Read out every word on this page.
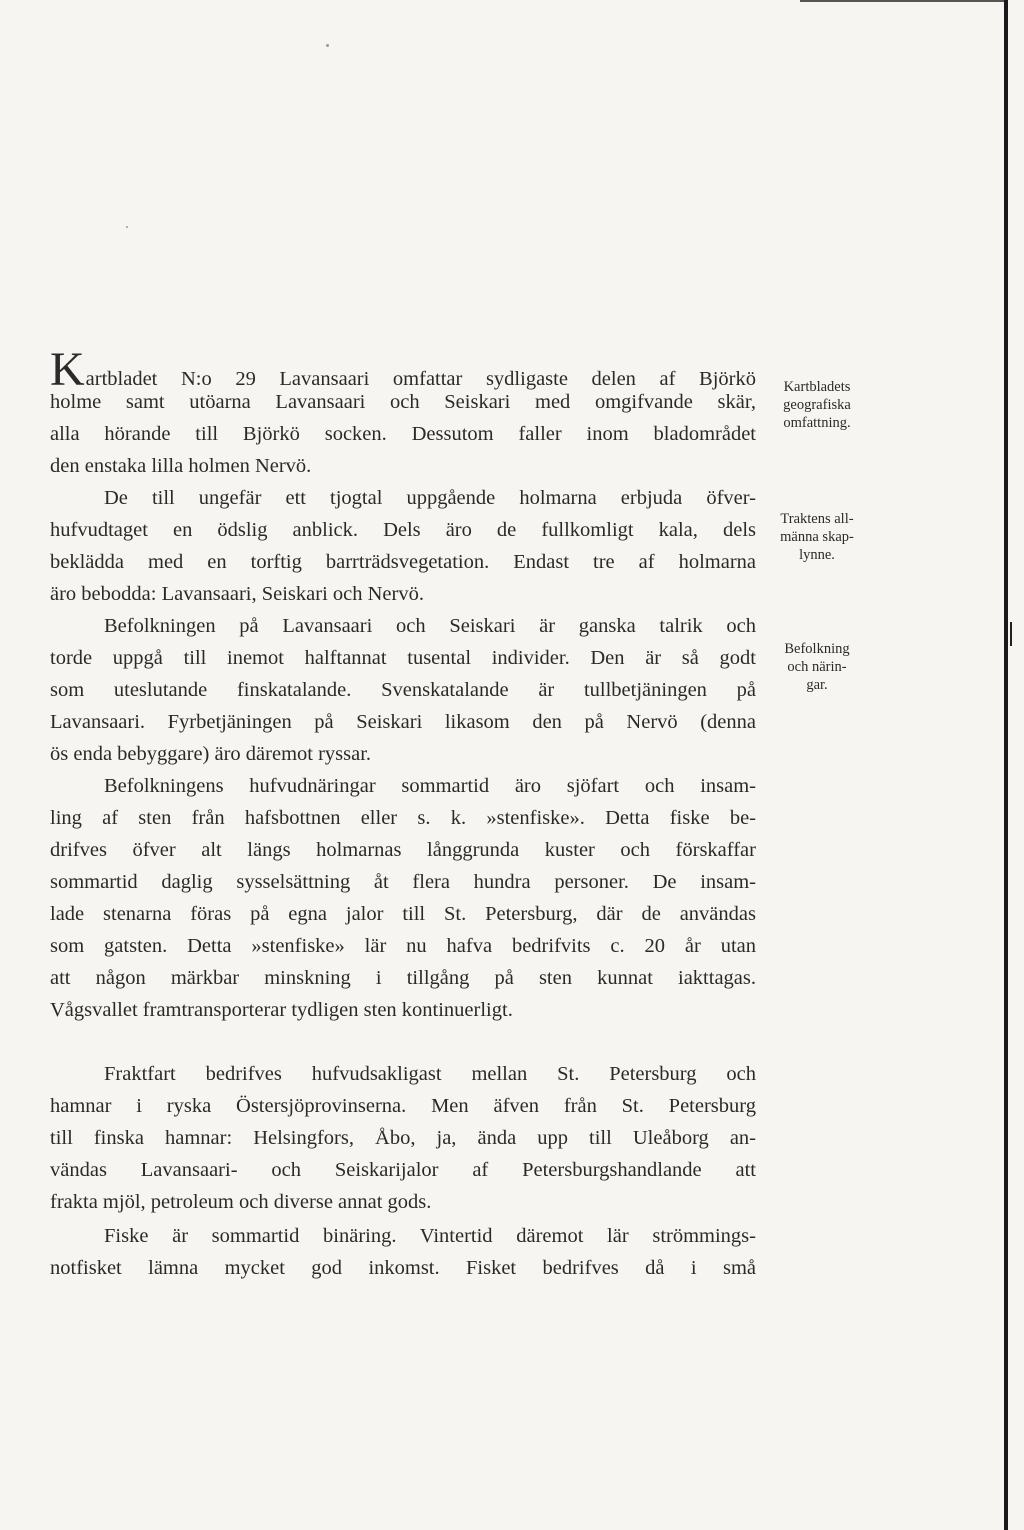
Kartbladet N:o 29 Lavansaari omfattar sydligaste delen af Björkö
holme samt utöarna Lavansaari och Seiskari med omgifvande skär,
alla hörande till Björkö socken. Dessutom faller inom bladområdet
den enstaka lilla holmen Nervö.
De till ungefär ett tjogtal uppgående holmarna erbjuda öfver-
hufvudtaget en ödslig anblick. Dels äro de fullkomligt kala, dels
beklädda med en torftig barrträdsvegetation. Endast tre af holmarna
äro bebodda: Lavansaari, Seiskari och Nervö.
Befolkningen på Lavansaari och Seiskari är ganska talrik och
torde uppgå till inemot halftannat tusental individer. Den är så godt
som uteslutande finskatalande. Svenskatalande är tullbetjäningen på
Lavansaari. Fyrbetjäningen på Seiskari likasom den på Nervö (denna
ös enda bebyggare) äro däremot ryssar.
Befolkningens hufvudnäringar sommartid äro sjöfart och insam-
ling af sten från hafsbottnen eller s. k. »stenfiske». Detta fiske be-
drifves öfver alt längs holmarnas långgrunda kuster och förskaffar
sommartid daglig sysselsättning åt flera hundra personer. De insam-
lade stenarna föras på egna jalor till St. Petersburg, där de användas
som gatsten. Detta »stenfiske» lär nu hafva bedrifvits c. 20 år utan
att någon märkbar minskning i tillgång på sten kunnat iakttagas.
Vågsvallet framtransporterar tydligen sten kontinuerligt.
Fraktfart bedrifves hufvudsakligast mellan St. Petersburg och
hamnar i ryska Östersjöprovinserna. Men äfven från St. Petersburg
till finska hamnar: Helsingfors, Åbo, ja, ända upp till Uleåborg an-
vändas Lavansaari- och Seiskarijalor af Petersburgshandlande att
frakta mjöl, petroleum och diverse annat gods.
Fiske är sommartid binäring. Vintertid däremot lär strömmings-
notfisket lämna mycket god inkomst. Fisket bedrifves då i små
Kartbladets
geografiska
omfattning.
Traktens all-
männa skap-
lynne.
Befolkning
och närin-
gar.
